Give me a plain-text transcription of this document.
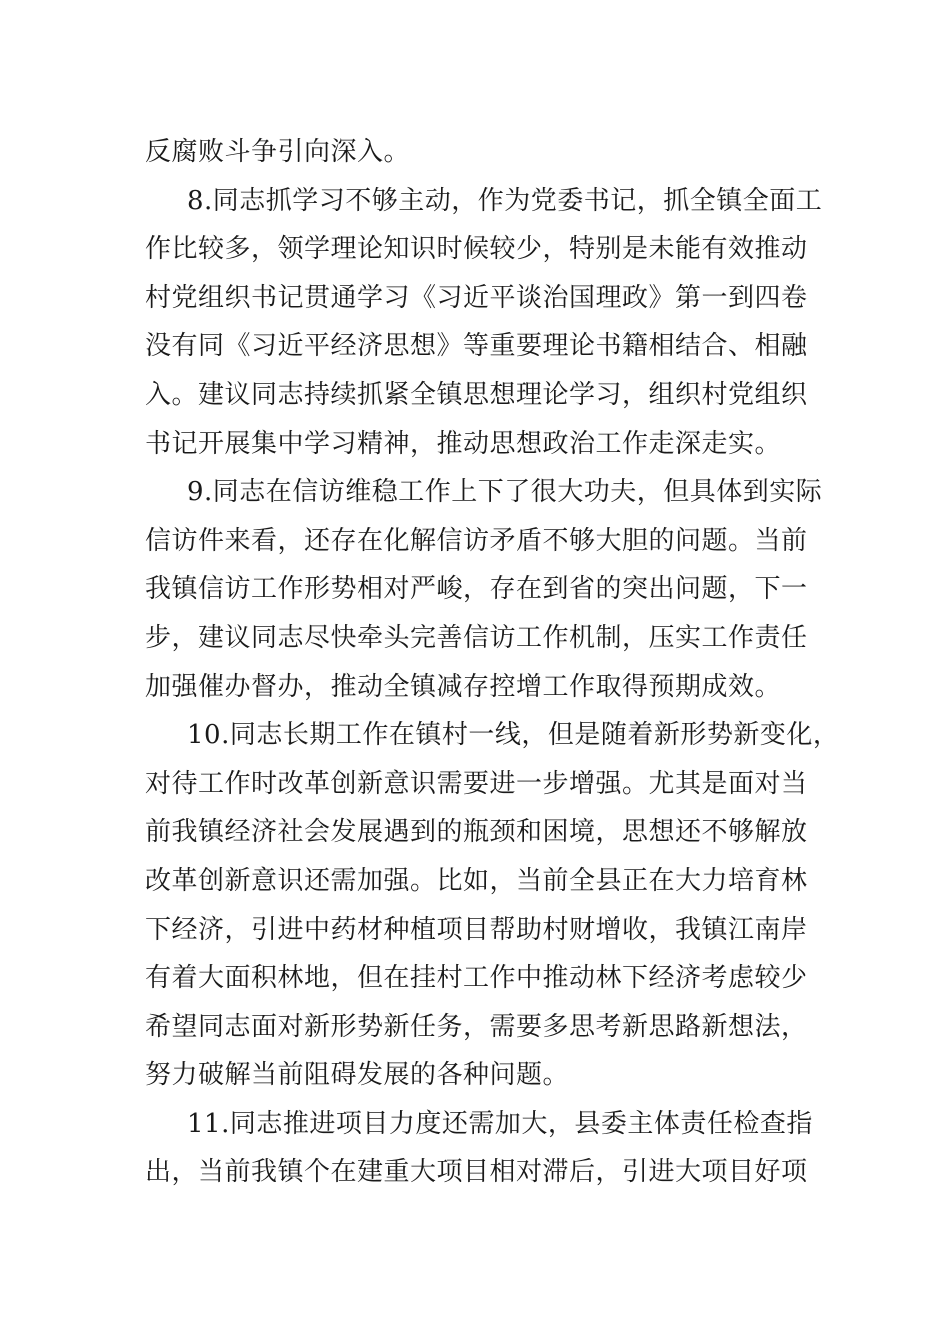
反腐败斗争引向深入。
8.同志抓学习不够主动，作为党委书记，抓全镇全面工
作比较多，领学理论知识时候较少，特别是未能有效推动
村党组织书记贯通学习《习近平谈治国理政》第一到四卷
没有同《习近平经济思想》等重要理论书籍相结合、相融
入。建议同志持续抓紧全镇思想理论学习，组织村党组织
书记开展集中学习精神，推动思想政治工作走深走实。
9.同志在信访维稳工作上下了很大功夫，但具体到实际
信访件来看，还存在化解信访矛盾不够大胆的问题。当前
我镇信访工作形势相对严峻，存在到省的突出问题，下一
步，建议同志尽快牵头完善信访工作机制，压实工作责任
加强催办督办，推动全镇减存控增工作取得预期成效。
10.同志长期工作在镇村一线，但是随着新形势新变化，
对待工作时改革创新意识需要进一步增强。尤其是面对当
前我镇经济社会发展遇到的瓶颈和困境，思想还不够解放
改革创新意识还需加强。比如，当前全县正在大力培育林
下经济，引进中药材种植项目帮助村财增收，我镇江南岸
有着大面积林地，但在挂村工作中推动林下经济考虑较少
希望同志面对新形势新任务，需要多思考新思路新想法，
努力破解当前阻碍发展的各种问题。
11.同志推进项目力度还需加大，县委主体责任检查指
出，当前我镇个在建重大项目相对滞后，引进大项目好项
